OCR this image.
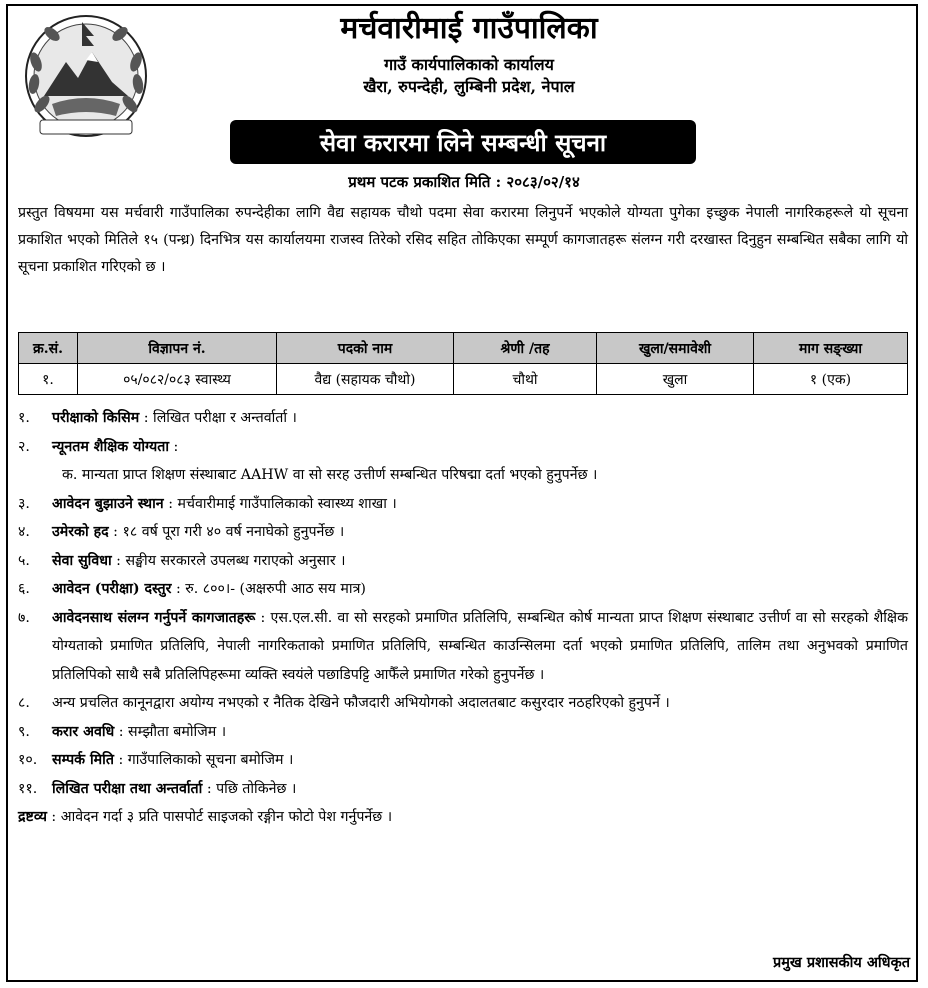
मर्चवारीमाई गाउँपालिका
गाउँ कार्यपालिकाको कार्यालय
खैरा, रुपन्देही, लुम्बिनी प्रदेश, नेपाल
सेवा करारमा लिने सम्बन्धी सूचना
प्रथम पटक प्रकाशित मिति : २०८३/०२/१४
प्रस्तुत विषयमा यस मर्चवारी गाउँपालिका रुपन्देहीका लागि वैद्य सहायक चौथो पदमा सेवा करारमा लिनुपर्ने भएकोले योग्यता पुगेका इच्छुक नेपाली नागरिकहरूले यो सूचना प्रकाशित भएको मितिले १५ (पन्ध्र) दिनभित्र यस कार्यालयमा राजस्व तिरेको रसिद सहित तोकिएका सम्पूर्ण कागजातहरू संलग्न गरी दरखास्त दिनुहुन सम्बन्धित सबैका लागि यो सूचना प्रकाशित गरिएको छ ।
क्र.सं.	विज्ञापन नं.	पदको नाम	श्रेणी /तह	खुला/समावेशी	माग सङ्ख्या
१.	०५/०८२/०८३ स्वास्थ्य	वैद्य (सहायक चौथो)	चौथो	खुला	१ (एक)
१.	परीक्षाको किसिम : लिखित परीक्षा र अन्तर्वार्ता ।
२.	न्यूनतम शैक्षिक योग्यता :
क. मान्यता प्राप्त शिक्षण संस्थाबाट AAHW वा सो सरह उत्तीर्ण सम्बन्धित परिषद्मा दर्ता भएको हुनुपर्नेछ ।
३.	आवेदन बुझाउने स्थान : मर्चवारीमाई गाउँपालिकाको स्वास्थ्य शाखा ।
४.	उमेरको हद : १८ वर्ष पूरा गरी ४० वर्ष ननाघेको हुनुपर्नेछ ।
५.	सेवा सुविधा : सङ्घीय सरकारले उपलब्ध गराएको अनुसार ।
६.	आवेदन (परीक्षा) दस्तुर : रु. ८००।- (अक्षरुपी आठ सय मात्र)
७.	आवेदनसाथ संलग्न गर्नुपर्ने कागजातहरू : एस.एल.सी. वा सो सरहको प्रमाणित प्रतिलिपि, सम्बन्धित कोर्ष मान्यता प्राप्त शिक्षण संस्थाबाट उत्तीर्ण वा सो सरहको शैक्षिक योग्यताको प्रमाणित प्रतिलिपि, नेपाली नागरिकताको प्रमाणित प्रतिलिपि, सम्बन्धित काउन्सिलमा दर्ता भएको प्रमाणित प्रतिलिपि, तालिम तथा अनुभवको प्रमाणित प्रतिलिपिको साथै सबै प्रतिलिपिहरूमा व्यक्ति स्वयंले पछाडिपट्टि आफैँले प्रमाणित गरेको हुनुपर्नेछ ।
८.	अन्य प्रचलित कानूनद्वारा अयोग्य नभएको र नैतिक देखिने फौजदारी अभियोगको अदालतबाट कसुरदार नठहरिएको हुनुपर्ने ।
९.	करार अवधि : सम्झौता बमोजिम ।
१०.	सम्पर्क मिति : गाउँपालिकाको सूचना बमोजिम ।
११.	लिखित परीक्षा तथा अन्तर्वार्ता : पछि तोकिनेछ ।
द्रष्टव्य : आवेदन गर्दा ३ प्रति पासपोर्ट साइजको रङ्गीन फोटो पेश गर्नुपर्नेछ ।
प्रमुख प्रशासकीय अधिकृत
